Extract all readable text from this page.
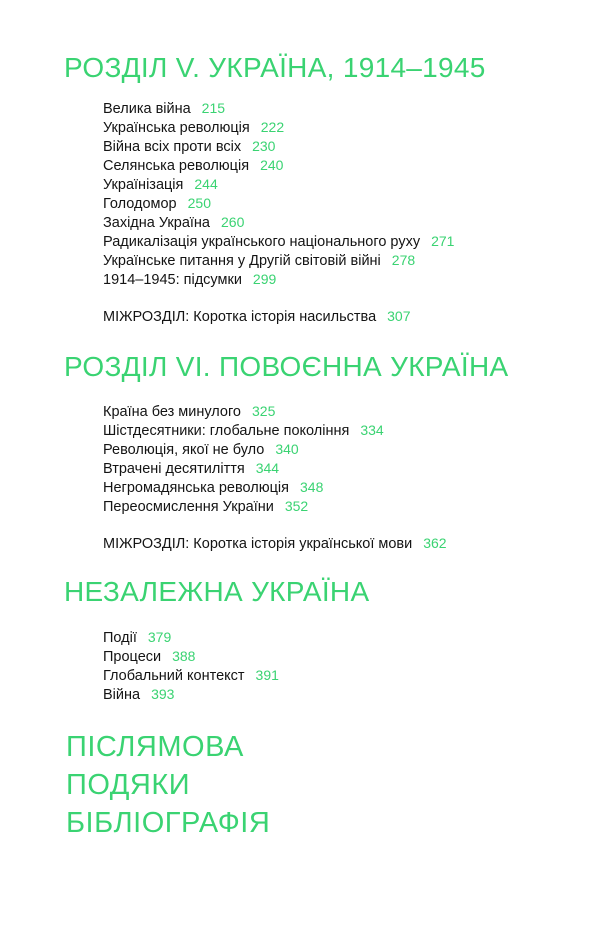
РОЗДІЛ V. УКРАЇНА, 1914–1945
Велика війна 215
Українська революція 222
Війна всіх проти всіх 230
Селянська революція 240
Українізація 244
Голодомор 250
Західна Україна 260
Радикалізація українського національного руху 271
Українське питання у Другій світовій війні 278
1914–1945: підсумки 299
МІЖРОЗДІЛ: Коротка історія насильства 307
РОЗДІЛ VI. ПОВОЄННА УКРАЇНА
Країна без минулого 325
Шістдесятники: глобальне покоління 334
Революція, якої не було 340
Втрачені десятиліття 344
Негромадянська революція 348
Переосмислення України 352
МІЖРОЗДІЛ: Коротка історія української мови 362
НЕЗАЛЕЖНА УКРАЇНА
Події 379
Процеси 388
Глобальний контекст 391
Війна 393
ПІСЛЯМОВА
ПОДЯКИ
БІБЛІОГРАФІЯ
